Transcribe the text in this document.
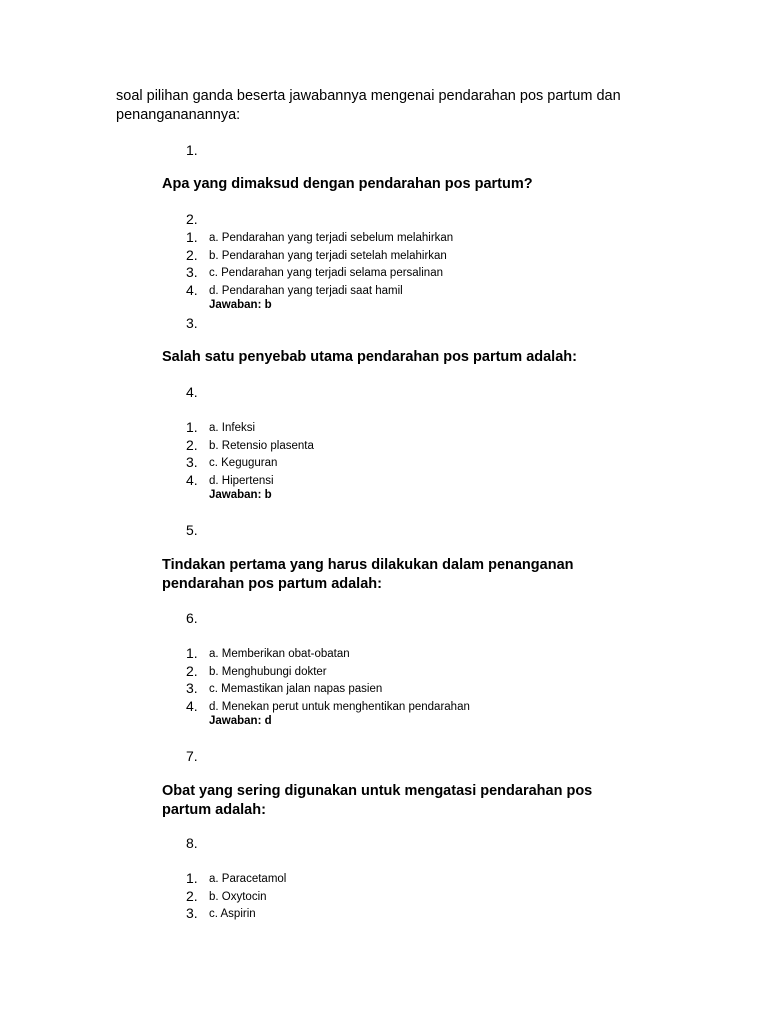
soal pilihan ganda beserta jawabannya mengenai pendarahan pos partum dan penangananannya:

1.

Apa yang dimaksud dengan pendarahan pos partum?

2.

1. a. Pendarahan yang terjadi sebelum melahirkan
2. b. Pendarahan yang terjadi setelah melahirkan
3. c. Pendarahan yang terjadi selama persalinan
4. d. Pendarahan yang terjadi saat hamil

Jawaban: b

3.

Salah satu penyebab utama pendarahan pos partum adalah:

4.

1. a. Infeksi
2. b. Retensio plasenta
3. c. Keguguran
4. d. Hipertensi

Jawaban: b

5.

Tindakan pertama yang harus dilakukan dalam penanganan pendarahan pos partum adalah:

6.

1. a. Memberikan obat-obatan
2. b. Menghubungi dokter
3. c. Memastikan jalan napas pasien
4. d. Menekan perut untuk menghentikan pendarahan

Jawaban: d

7.

Obat yang sering digunakan untuk mengatasi pendarahan pos partum adalah:

8.

1. a. Paracetamol
2. b. Oxytocin
3. c. Aspirin
